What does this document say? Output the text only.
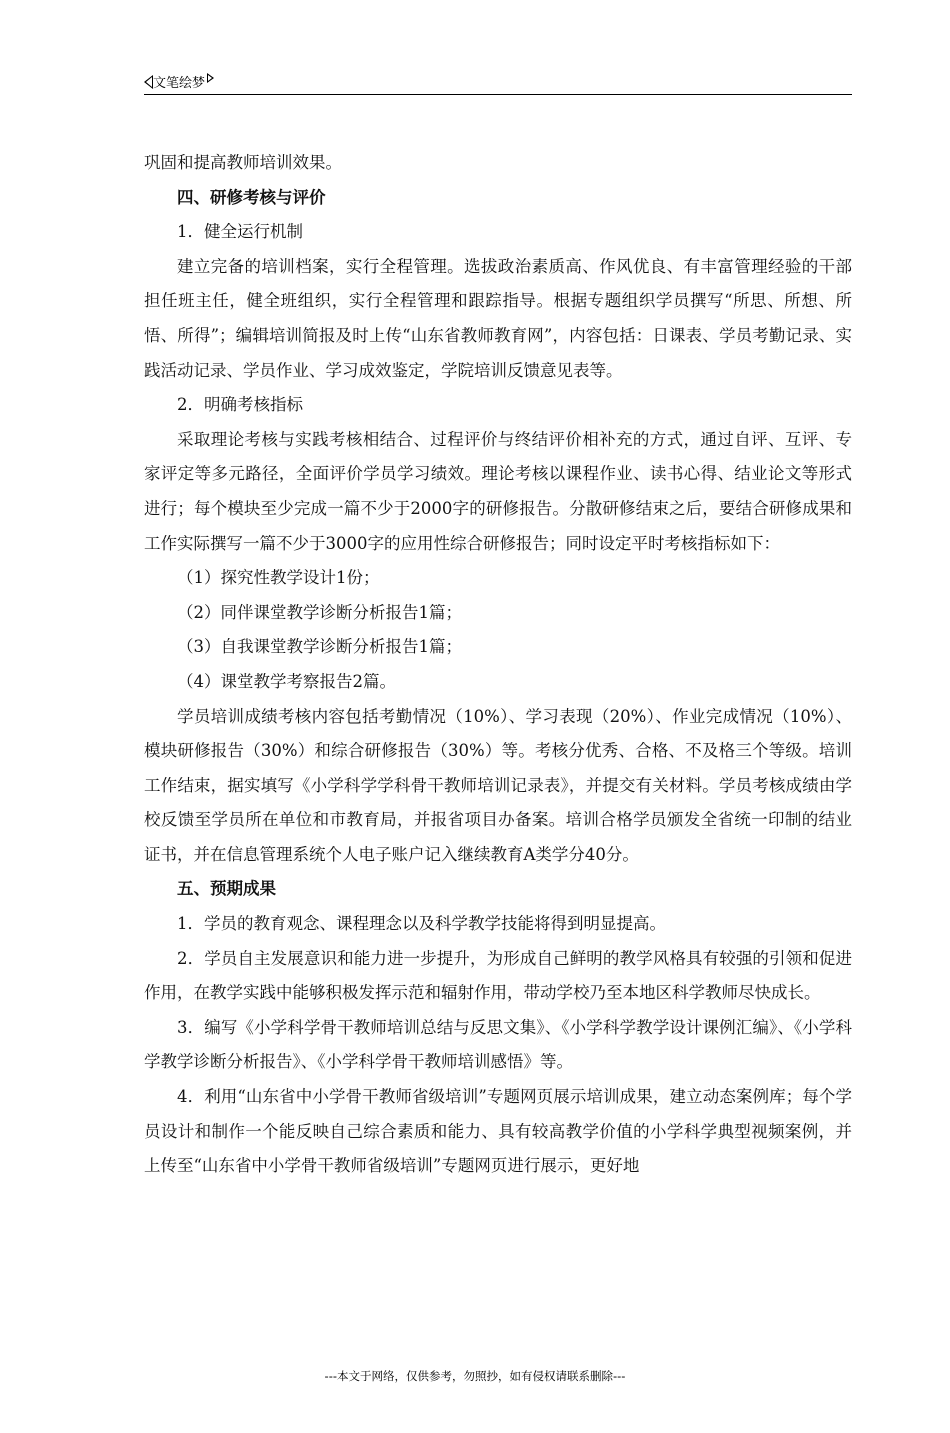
文笔绘梦

巩固和提高教师培训效果。

四、研修考核与评价

1．健全运行机制

建立完备的培训档案，实行全程管理。选拔政治素质高、作风优良、有丰富管理经验的干部担任班主任，健全班组织，实行全程管理和跟踪指导。根据专题组织学员撰写“所思、所想、所悟、所得”；编辑培训简报及时上传“山东省教师教育网”，内容包括：日课表、学员考勤记录、实践活动记录、学员作业、学习成效鉴定，学院培训反馈意见表等。

2．明确考核指标

采取理论考核与实践考核相结合、过程评价与终结评价相补充的方式，通过自评、互评、专家评定等多元路径，全面评价学员学习绩效。理论考核以课程作业、读书心得、结业论文等形式进行；每个模块至少完成一篇不少于2000字的研修报告。分散研修结束之后，要结合研修成果和工作实际撰写一篇不少于3000字的应用性综合研修报告；同时设定平时考核指标如下：

（1）探究性教学设计1份；

（2）同伴课堂教学诊断分析报告1篇；

（3）自我课堂教学诊断分析报告1篇；

（4）课堂教学考察报告2篇。

学员培训成绩考核内容包括考勤情况（10%）、学习表现（20%）、作业完成情况（10%）、模块研修报告（30%）和综合研修报告（30%）等。考核分优秀、合格、不及格三个等级。培训工作结束，据实填写《小学科学学科骨干教师培训记录表》，并提交有关材料。学员考核成绩由学校反馈至学员所在单位和市教育局，并报省项目办备案。培训合格学员颁发全省统一印制的结业证书，并在信息管理系统个人电子账户记入继续教育A类学分40分。

五、预期成果

1．学员的教育观念、课程理念以及科学教学技能将得到明显提高。

2．学员自主发展意识和能力进一步提升，为形成自己鲜明的教学风格具有较强的引领和促进作用，在教学实践中能够积极发挥示范和辐射作用，带动学校乃至本地区科学教师尽快成长。

3．编写《小学科学骨干教师培训总结与反思文集》、《小学科学教学设计课例汇编》、《小学科学教学诊断分析报告》、《小学科学骨干教师培训感悟》等。

4．利用“山东省中小学骨干教师省级培训”专题网页展示培训成果，建立动态案例库；每个学员设计和制作一个能反映自己综合素质和能力、具有较高教学价值的小学科学典型视频案例，并上传至“山东省中小学骨干教师省级培训”专题网页进行展示，更好地

---本文于网络，仅供参考，勿照抄，如有侵权请联系删除---
